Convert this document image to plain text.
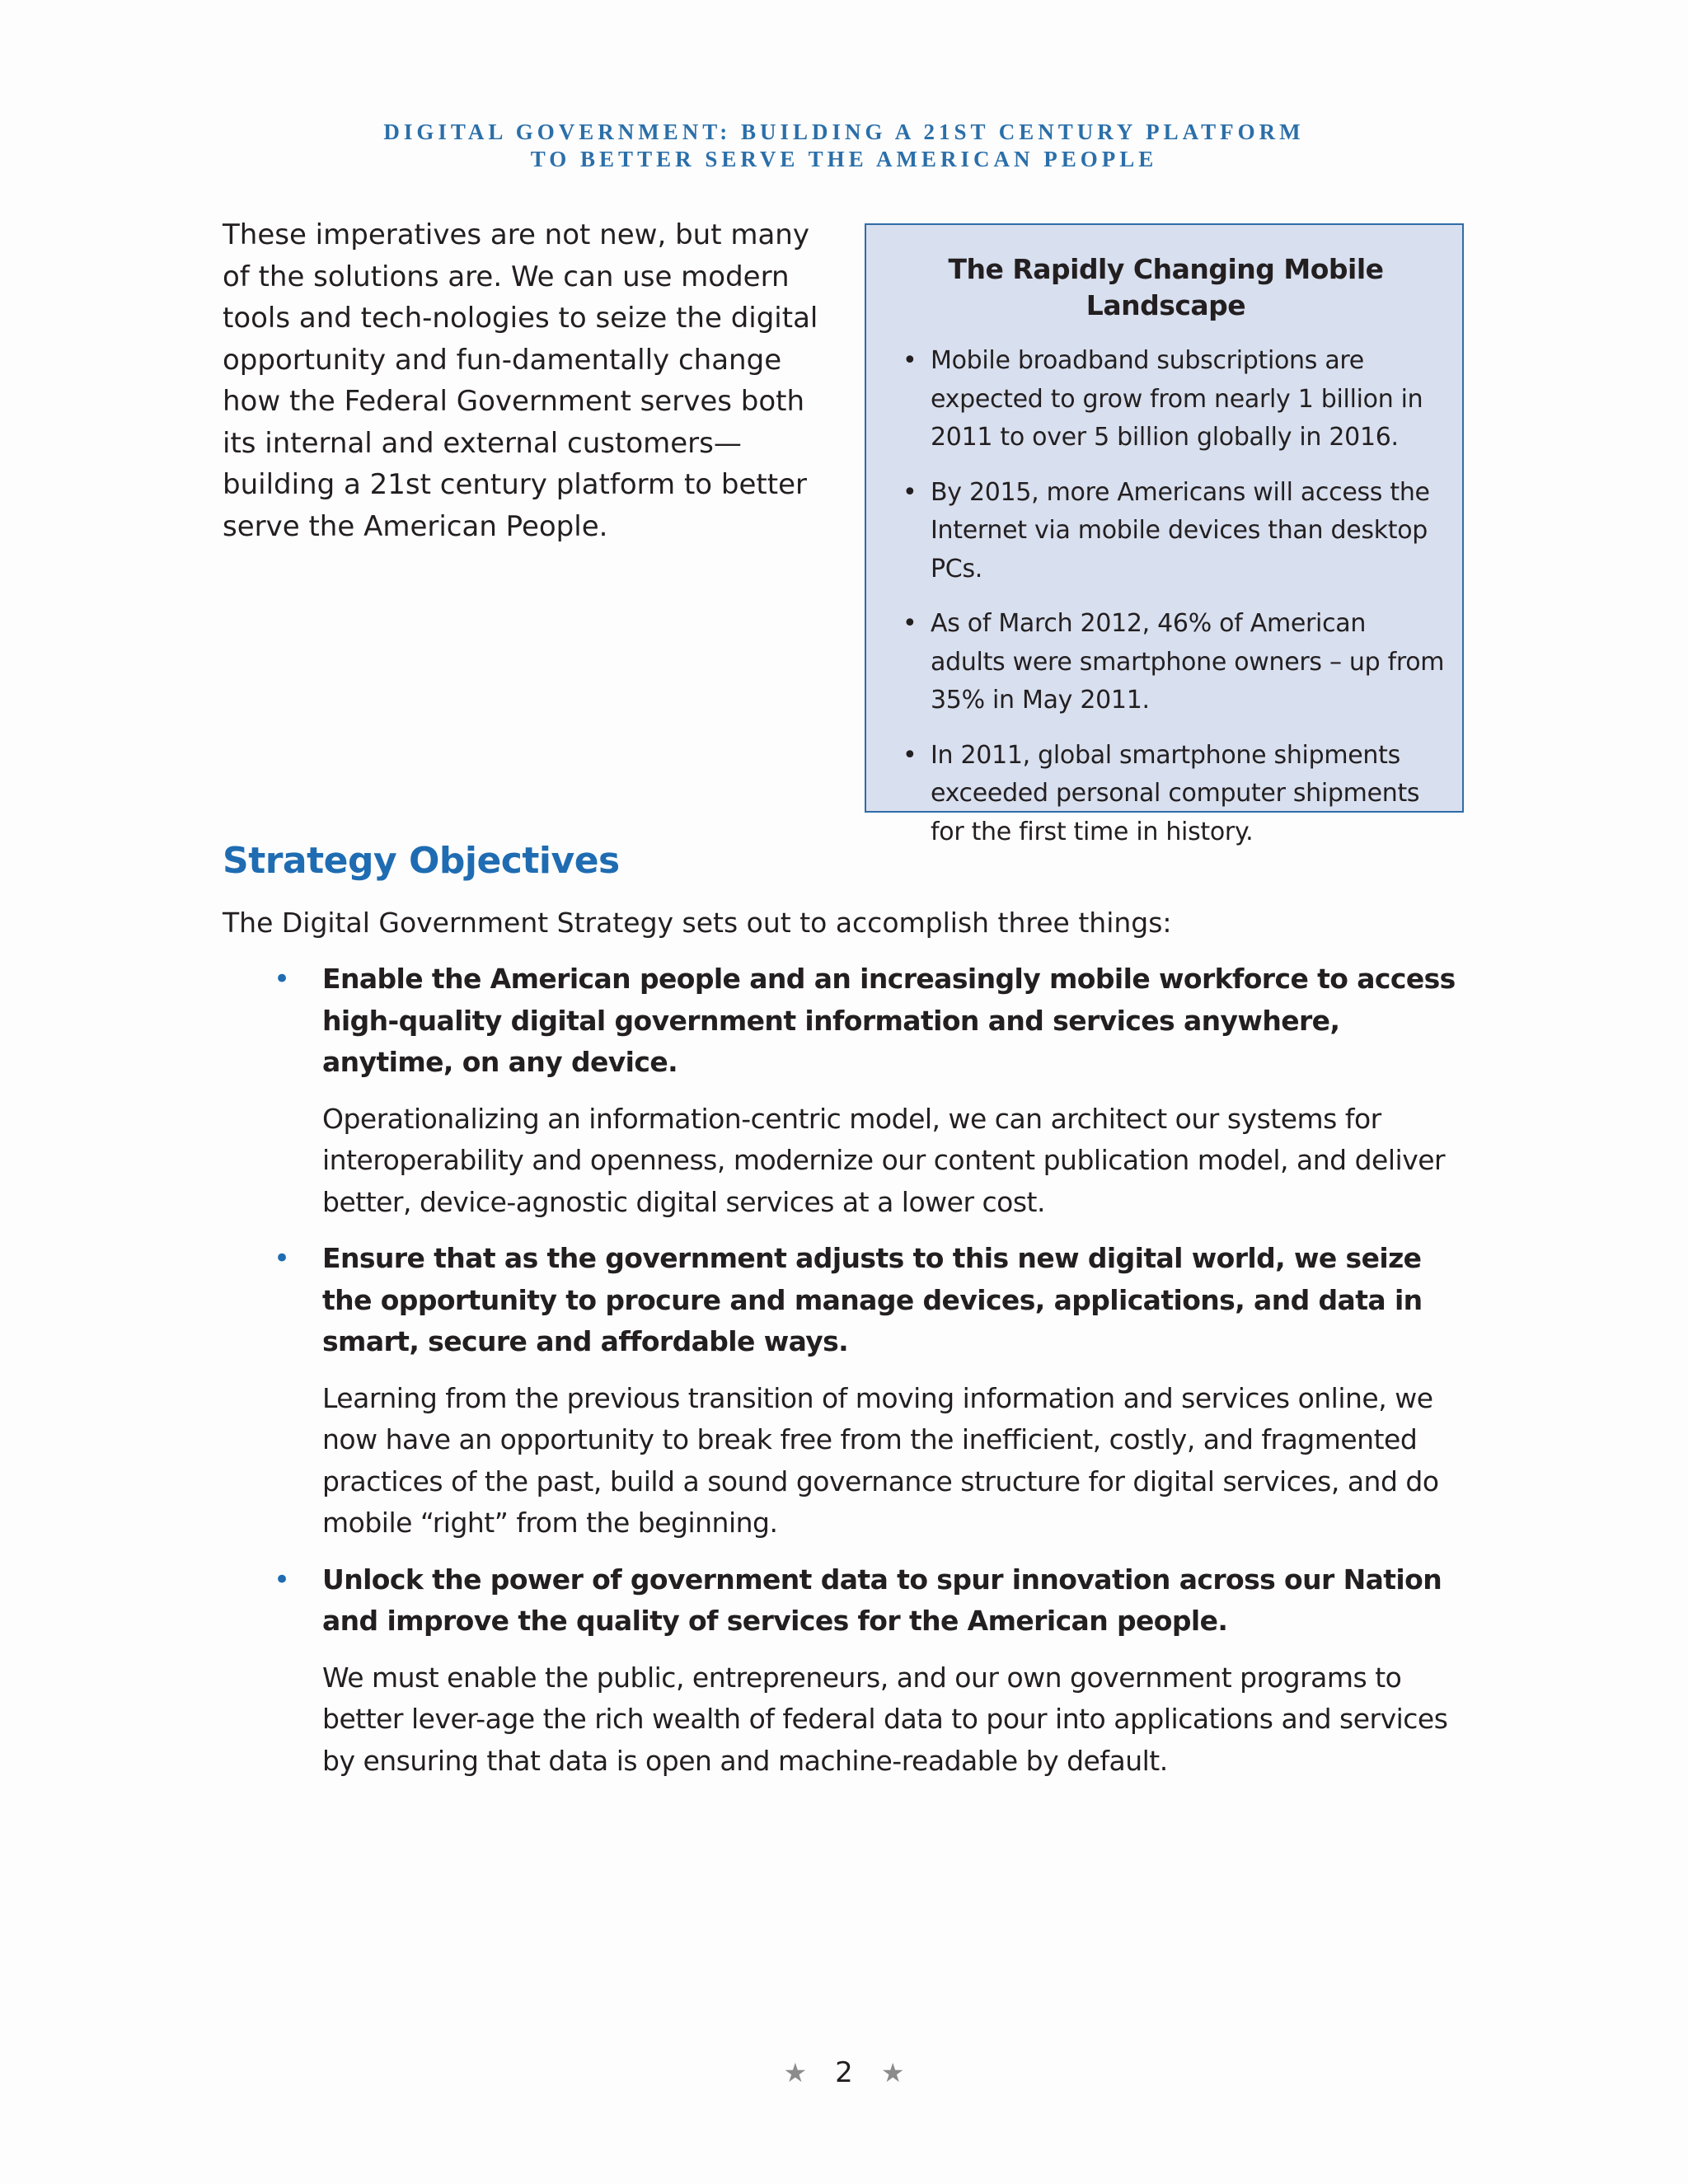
DIGITAL GOVERNMENT: BUILDING A 21ST CENTURY PLATFORM
TO BETTER SERVE THE AMERICAN PEOPLE

These imperatives are not new, but many of the solutions are. We can use modern tools and tech-nologies to seize the digital opportunity and fun-damentally change how the Federal Government serves both its internal and external customers—building a 21st century platform to better serve the American People.

The Rapidly Changing Mobile Landscape
• Mobile broadband subscriptions are expected to grow from nearly 1 billion in 2011 to over 5 billion globally in 2016.
• By 2015, more Americans will access the Internet via mobile devices than desktop PCs.
• As of March 2012, 46% of American adults were smartphone owners – up from 35% in May 2011.
• In 2011, global smartphone shipments exceeded personal computer shipments for the first time in history.
Strategy Objectives

The Digital Government Strategy sets out to accomplish three things:

• Enable the American people and an increasingly mobile workforce to access high-quality digital government information and services anywhere, anytime, on any device.

Operationalizing an information-centric model, we can architect our systems for interoperability and openness, modernize our content publication model, and deliver better, device-agnostic digital services at a lower cost.

• Ensure that as the government adjusts to this new digital world, we seize the opportunity to procure and manage devices, applications, and data in smart, secure and affordable ways.

Learning from the previous transition of moving information and services online, we now have an opportunity to break free from the inefficient, costly, and fragmented practices of the past, build a sound governance structure for digital services, and do mobile “right” from the beginning.

• Unlock the power of government data to spur innovation across our Nation and improve the quality of services for the American people.

We must enable the public, entrepreneurs, and our own government programs to better lever-age the rich wealth of federal data to pour into applications and services by ensuring that data is open and machine-readable by default.

★ 2 ★
